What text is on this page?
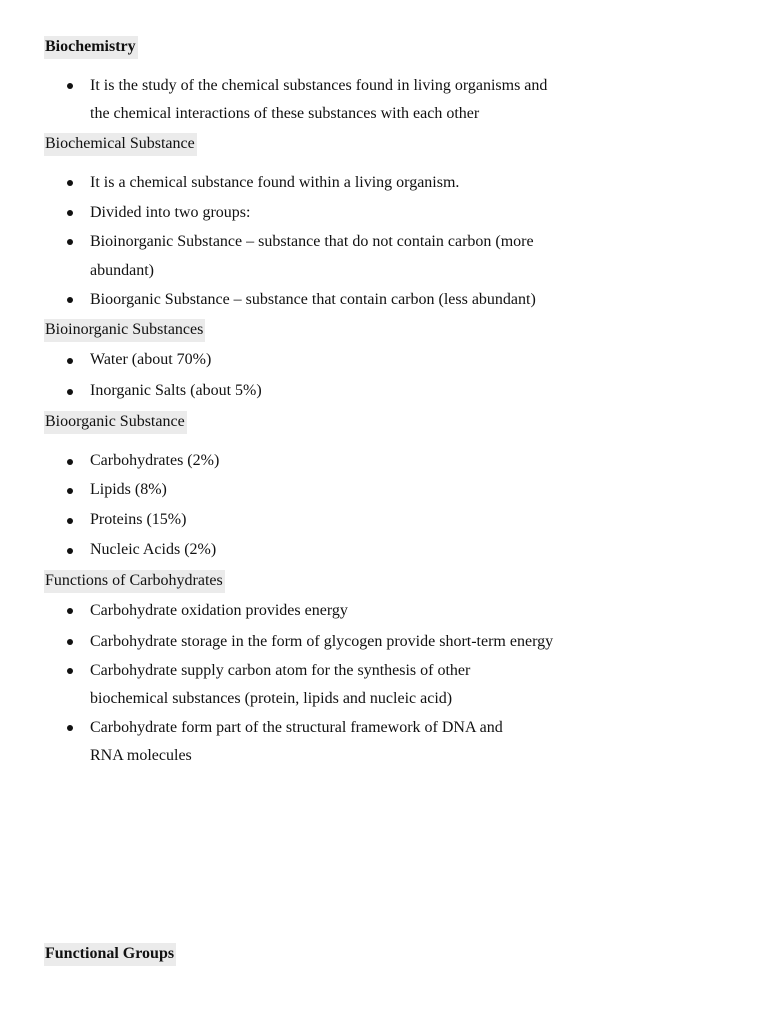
Biochemistry

It is the study of the chemical substances found in living organisms and

the chemical interactions of these substances with each other

Biochemical Substance

It is a chemical substance found within a living organism.

Divided into two groups:

Bioinorganic Substance – substance that do not contain carbon (more

abundant)

Bioorganic Substance – substance that contain carbon (less abundant)

Bioinorganic Substances

Water (about 70%)

Inorganic Salts (about 5%)

Bioorganic Substance

Carbohydrates (2%)

Lipids (8%)

Proteins (15%)

Nucleic Acids (2%)

Functions of Carbohydrates

Carbohydrate oxidation provides energy

Carbohydrate storage in the form of glycogen provide short-term energy

Carbohydrate supply carbon atom for the synthesis of other

biochemical substances (protein, lipids and nucleic acid)

Carbohydrate form part of the structural framework of DNA and

RNA molecules

Functional Groups
